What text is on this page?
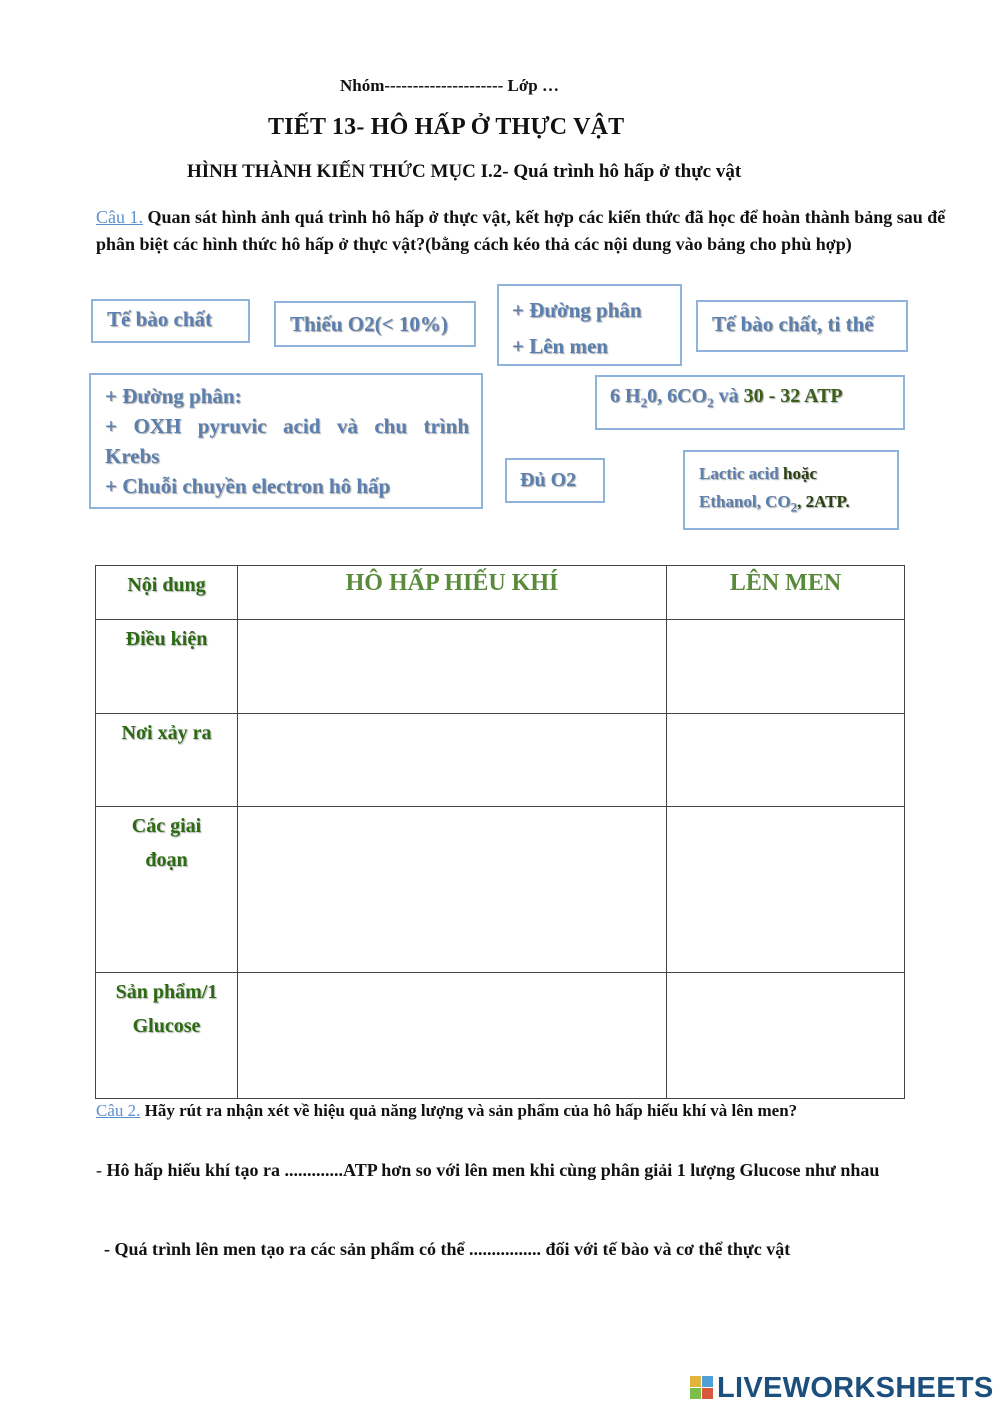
Nhóm--------------------- Lớp …
TIẾT 13- HÔ HẤP Ở THỰC VẬT
HÌNH THÀNH KIẾN THỨC MỤC I.2- Quá trình hô hấp ở thực vật
Câu 1. Quan sát hình ảnh quá trình hô hấp ở thực vật, kết hợp các kiến thức đã học để hoàn thành bảng sau để phân biệt các hình thức hô hấp ở thực vật?(bằng cách kéo thả các nội dung vào bảng cho phù hợp)
Tế bào chất	Thiếu O2(< 10%)
+ Đường phân
+ Lên men
Tế bào chất, ti thể
+ Đường phân:
+ OXH pyruvic acid và chu trình
Krebs
+ Chuỗi chuyền electron hô hấp
6 $H_20$, $6CO_2$ và 30 - 32 ATP
Đủ O2	Lactic acid hoặc
Ethanol, $CO_2$, 2ATP.
Nội dung	HÔ HẤP HIẾU KHÍ	LÊN MEN
Điều kiện		
Nơi xảy ra		

Các giai
đoạn		

Sản phẩm/1
Glucose		

Câu 2. Hãy rút ra nhận xét về hiệu quả năng lượng và sản phẩm của hô hấp hiếu khí và lên men?
- Hô hấp hiếu khí tạo ra .............ATP hơn so với lên men khi cùng phân giải 1 lượng Glucose như nhau
- Quá trình lên men tạo ra các sản phẩm có thể ................ đối với tế bào và cơ thể thực vật
LIVEWORKSHEETS
